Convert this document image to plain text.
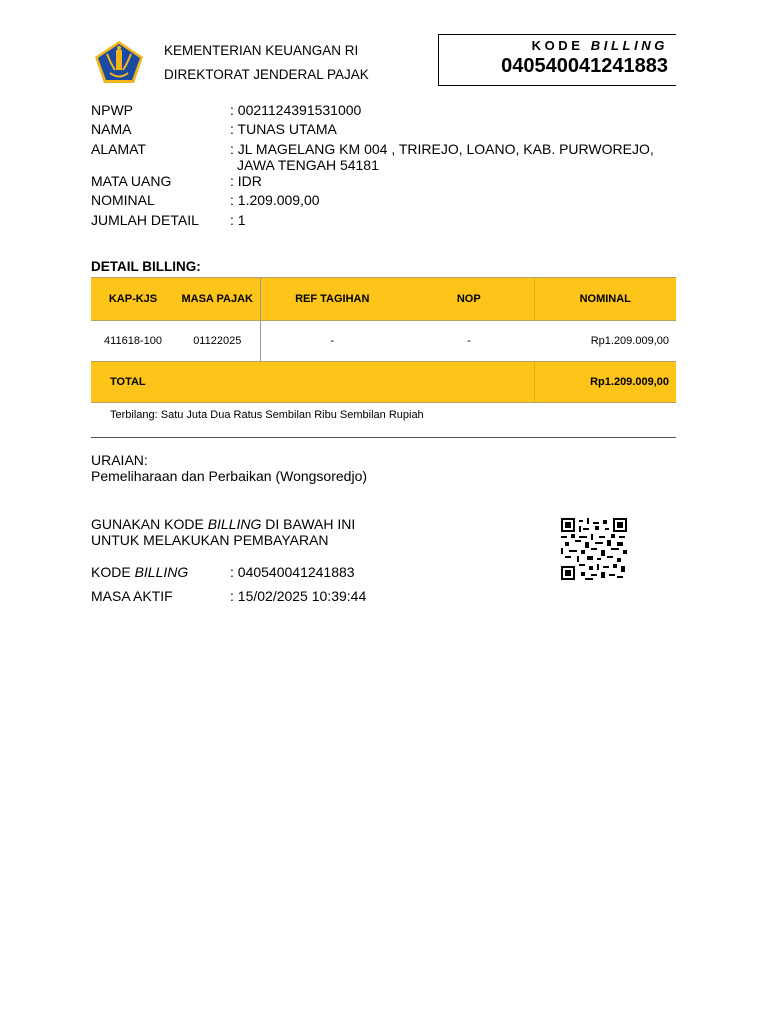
KEMENTERIAN KEUANGAN RI
DIREKTORAT JENDERAL PAJAK
KODE BILLING
040540041241883
NPWP	: 0021124391531000
NAMA	: TUNAS UTAMA
ALAMAT	: JL MAGELANG KM 004 , TRIREJO, LOANO, KAB. PURWOREJO,
JAWA TENGAH 54181
MATA UANG	: IDR
NOMINAL	: 1.209.009,00
JUMLAH DETAIL : 1
DETAIL BILLING:
KAP-KJS	MASA PAJAK	REF TAGIHAN	NOP	NOMINAL
411618-100	01122025	-	-	Rp1.209.009,00
TOTAL				Rp1.209.009,00
Terbilang: Satu Juta Dua Ratus Sembilan Ribu Sembilan Rupiah
URAIAN:
Pemeliharaan dan Perbaikan (Wongsoredjo)
GUNAKAN KODE BILLING DI BAWAH INI
UNTUK MELAKUKAN PEMBAYARAN
KODE BILLING	: 040540041241883
MASA AKTIF	: 15/02/2025 10:39:44
